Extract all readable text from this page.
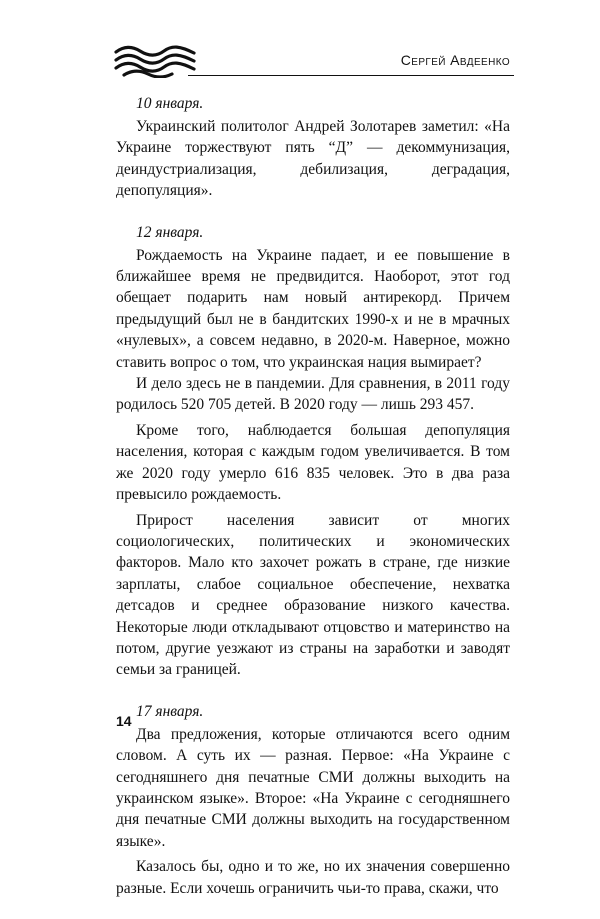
Сергей Авдеенко
10 января.

Украинский политолог Андрей Золотарев заметил: «На Украине торжествуют пять “Д” — декоммунизация, деиндустриализация, дебилизация, деградация, депопуляция».

12 января.

Рождаемость на Украине падает, и ее повышение в ближайшее время не предвидится. Наоборот, этот год обещает подарить нам новый антирекорд. Причем предыдущий был не в бандитских 1990-х и не в мрачных «нулевых», а совсем недавно, в 2020-м. Наверное, можно ставить вопрос о том, что украинская нация вымирает?

И дело здесь не в пандемии. Для сравнения, в 2011 году родилось 520 705 детей. В 2020 году — лишь 293 457.

Кроме того, наблюдается большая депопуляция населения, которая с каждым годом увеличивается. В том же 2020 году умерло 616 835 человек. Это в два раза превысило рождаемость.

Прирост населения зависит от многих социологических, политических и экономических факторов. Мало кто захочет рожать в стране, где низкие зарплаты, слабое социальное обеспечение, нехватка детсадов и среднее образование низкого качества. Некоторые люди откладывают отцовство и материнство на потом, другие уезжают из страны на заработки и заводят семьи за границей.

17 января.

Два предложения, которые отличаются всего одним словом. А суть их — разная. Первое: «На Украине с сегодняшнего дня печатные СМИ должны выходить на украинском языке». Второе: «На Украине с сегодняшнего дня печатные СМИ должны выходить на государственном языке».

Казалось бы, одно и то же, но их значения совершенно разные. Если хочешь ограничить чьи-то права, скажи, что

14
